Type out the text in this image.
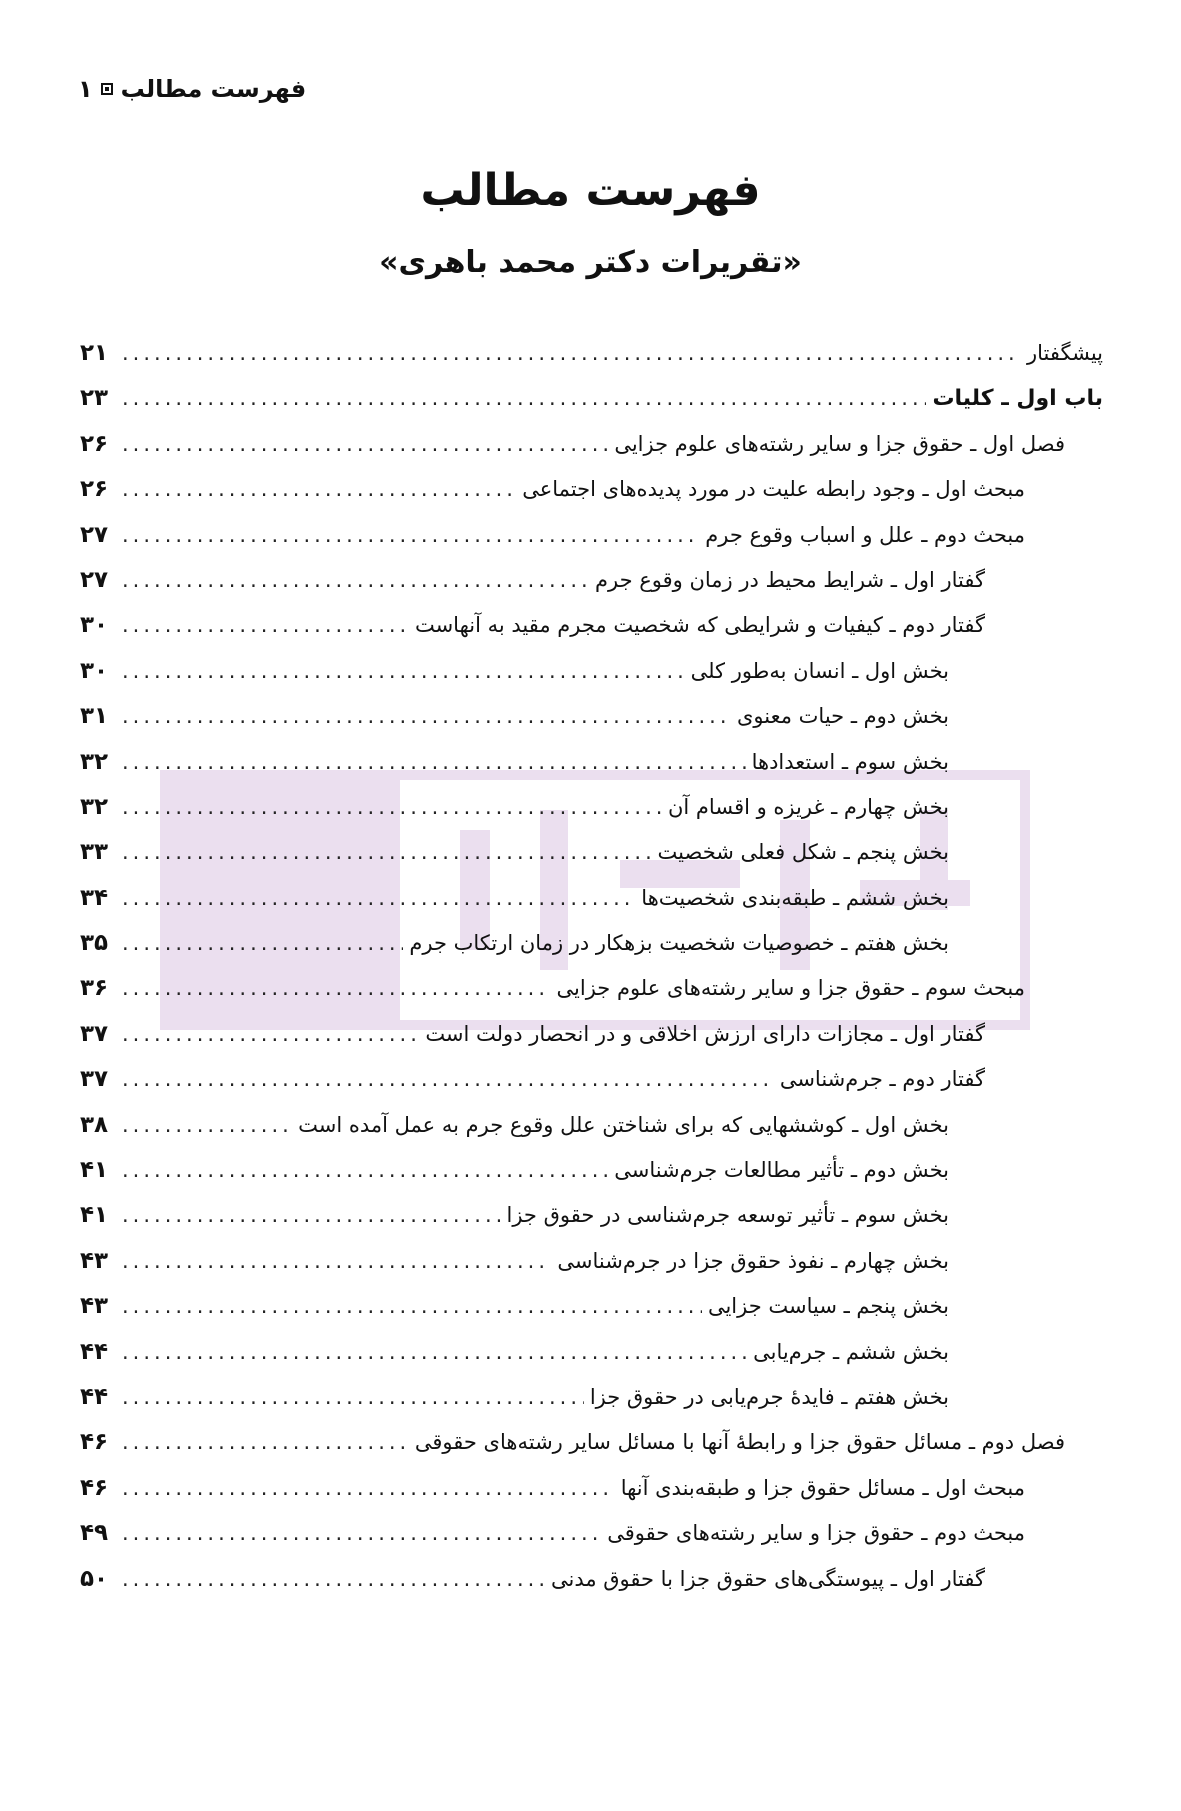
فهرست مطالب
۱
فهرست مطالب
«تقریرات دکتر محمد باهری»
پیشگفتار
.....
۲۱
باب اول ـ کلیات
.....
۲۳
فصل اول ـ حقوق جزا و سایر رشته‌های علوم جزایی
.....
۲۶
مبحث اول ـ وجود رابطه علیت در مورد پدیده‌های اجتماعی
.....
۲۶
مبحث دوم ـ علل و اسباب وقوع جرم
.....
۲۷
گفتار اول ـ شرایط محیط در زمان وقوع جرم
.....
۲۷
گفتار دوم ـ کیفیات و شرایطی که شخصیت مجرم مقید به آنهاست
.....
۳۰
بخش اول ـ انسان به‌طور کلی
.....
۳۰
بخش دوم ـ حیات معنوی
.....
۳۱
بخش سوم ـ استعدادها
.....
۳۲
بخش چهارم ـ غریزه و اقسام آن
.....
۳۲
بخش پنجم ـ شکل فعلی شخصیت
.....
۳۳
بخش ششم ـ طبقه‌بندی شخصیت‌ها
.....
۳۴
بخش هفتم ـ خصوصیات شخصیت بزهکار در زمان ارتکاب جرم
.....
۳۵
مبحث سوم ـ حقوق جزا و سایر رشته‌های علوم جزایی
.....
۳۶
گفتار اول ـ مجازات دارای ارزش اخلاقی و در انحصار دولت است
.....
۳۷
گفتار دوم ـ جرم‌شناسی
.....
۳۷
بخش اول ـ کوششهایی که برای شناختن علل وقوع جرم به عمل آمده است
.....
۳۸
بخش دوم ـ تأثیر مطالعات جرم‌شناسی
.....
۴۱
بخش سوم ـ تأثیر توسعه جرم‌شناسی در حقوق جزا
.....
۴۱
بخش چهارم ـ نفوذ حقوق جزا در جرم‌شناسی
.....
۴۳
بخش پنجم ـ سیاست جزایی
.....
۴۳
بخش ششم ـ جرم‌یابی
.....
۴۴
بخش هفتم ـ فایدهٔ جرم‌یابی در حقوق جزا
.....
۴۴
فصل دوم ـ مسائل حقوق جزا و رابطهٔ آنها با مسائل سایر رشته‌های حقوقی
.....
۴۶
مبحث اول ـ مسائل حقوق جزا و طبقه‌بندی آنها
.....
۴۶
مبحث دوم ـ حقوق جزا و سایر رشته‌های حقوقی
.....
۴۹
گفتار اول ـ پیوستگی‌های حقوق جزا با حقوق مدنی
.....
۵۰
